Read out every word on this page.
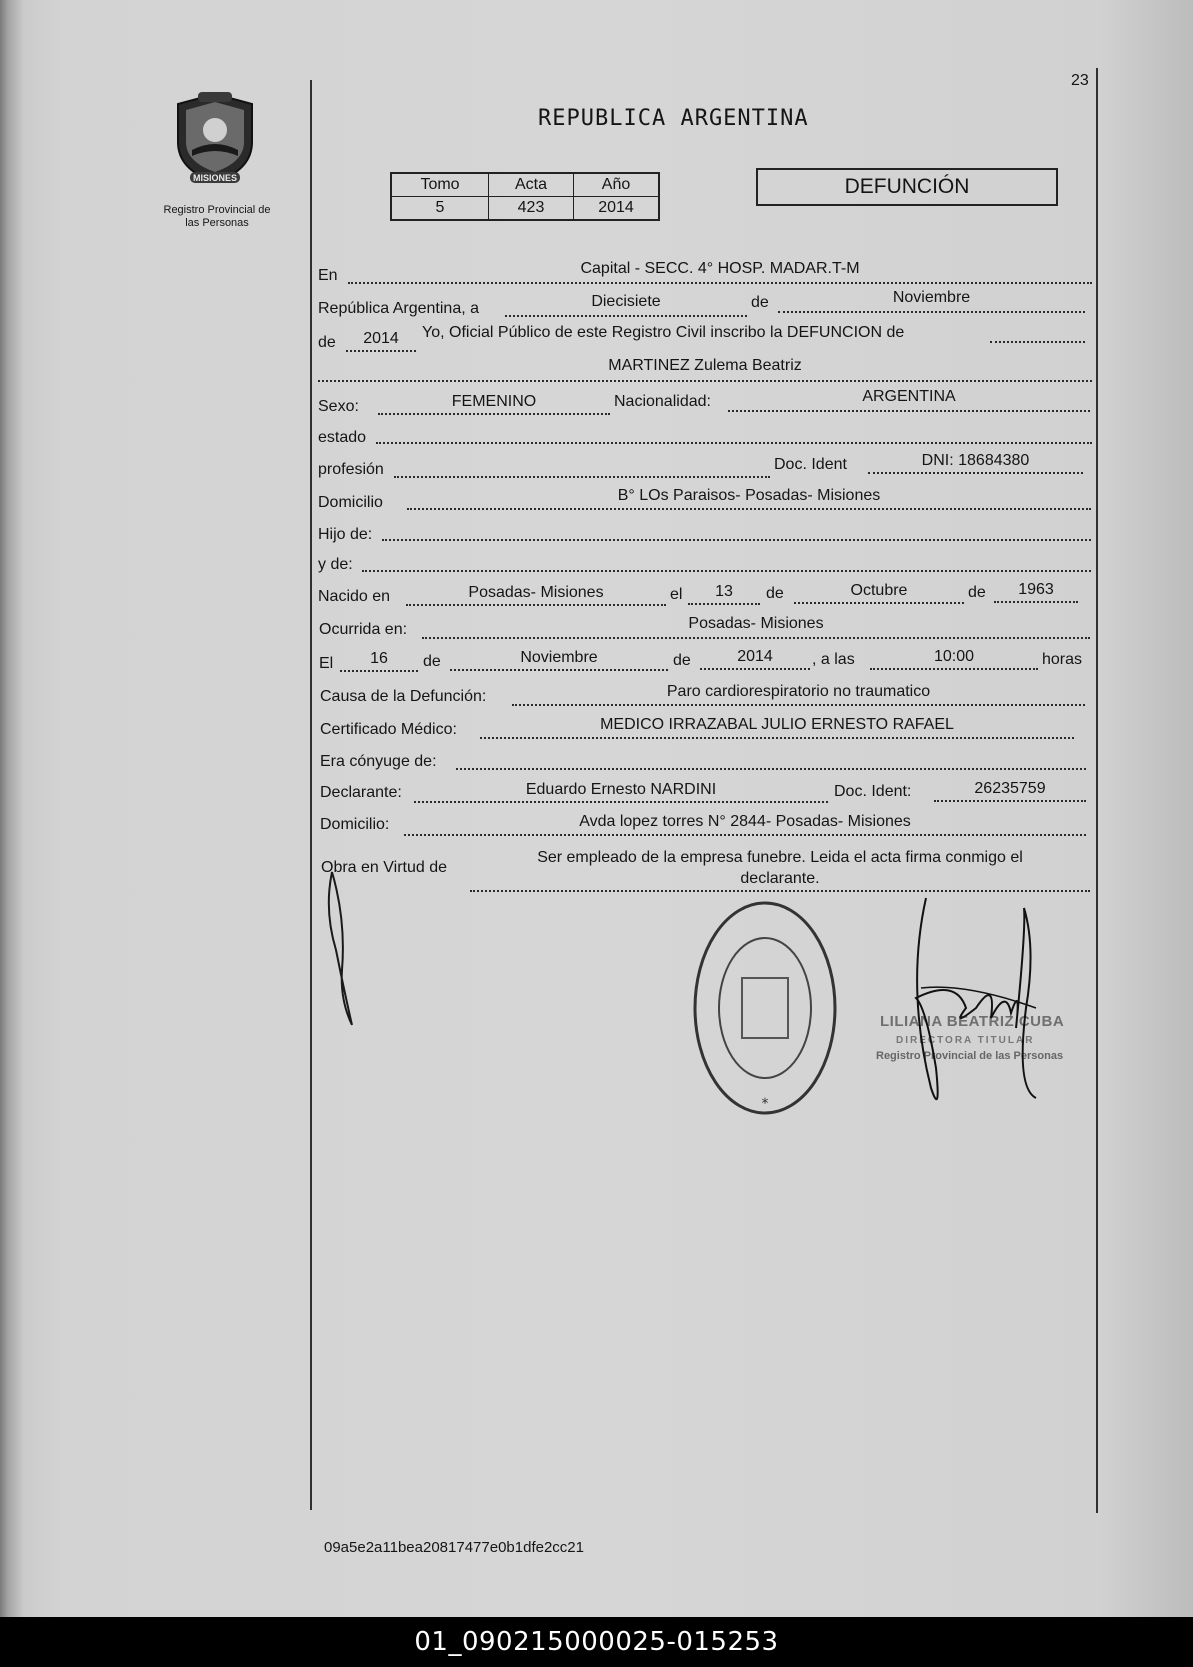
23
MISIONES
Registro Provincial de
las Personas
REPUBLICA ARGENTINA
Tomo	Acta	Año
5	423	2014
DEFUNCIÓN
En	Capital - SECC. 4° HOSP. MADAR.T-M
República Argentina, a	Diecisiete	de	Noviembre
de	2014	Yo, Oficial Público de este Registro Civil inscribo la DEFUNCION de
MARTINEZ Zulema Beatriz
Sexo:	FEMENINO	Nacionalidad:	ARGENTINA
estado
profesión	Doc. Ident	DNI: 18684380
Domicilio	B° LOs Paraisos- Posadas- Misiones
Hijo de:
y de:
Nacido en	Posadas- Misiones	el	13	de	Octubre	de	1963
Ocurrida en:	Posadas- Misiones
El	16	de	Noviembre	de	2014	, a las	10:00	horas
Causa de la Defunción:	Paro cardiorespiratorio no traumatico
Certificado Médico:	MEDICO IRRAZABAL JULIO ERNESTO RAFAEL
Era cónyuge de:
Declarante:	Eduardo Ernesto NARDINI	Doc. Ident:	26235759
Domicilio:	Avda lopez torres N° 2844- Posadas- Misiones
Obra en Virtud de
Ser empleado de la empresa funebre. Leida el acta firma conmigo el
declarante.
*
LILIANA BEATRIZ CUBA
DIRECTORA TITULAR
Registro Provincial de las Personas
09a5e2a11bea20817477e0b1dfe2cc21
01_090215000025-015253
